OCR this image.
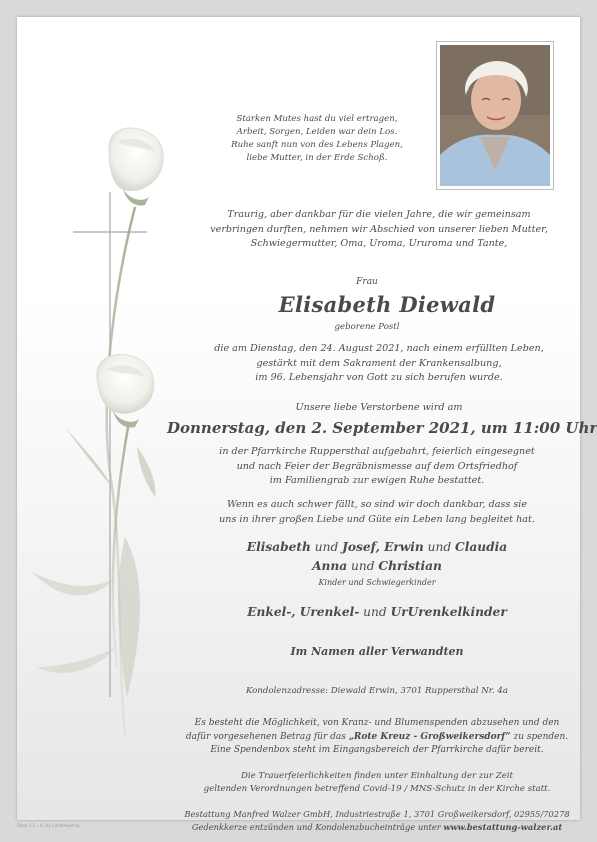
Starken Mutes hast du viel ertragen,
Arbeit, Sorgen, Leiden war dein Los.
Ruhe sanft nun von des Lebens Plagen,
liebe Mutter, in der Erde Schoß.

Traurig, aber dankbar für die vielen Jahre, die wir gemeinsam
verbringen durften, nehmen wir Abschied von unserer lieben Mutter,
Schwiegermutter, Oma, Uroma, Ururoma und Tante,

Frau

Elisabeth Diewald

geborene Postl

die am Dienstag, den 24. August 2021, nach einem erfüllten Leben,
gestärkt mit dem Sakrament der Krankensalbung,
im 96. Lebensjahr von Gott zu sich berufen wurde.

Unsere liebe Verstorbene wird am

Donnerstag, den 2. September 2021, um 11:00 Uhr

in der Pfarrkirche Ruppersthal aufgebahrt, feierlich eingesegnet
und nach Feier der Begräbnismesse auf dem Ortsfriedhof
im Familiengrab zur ewigen Ruhe bestattet.

Wenn es auch schwer fällt, so sind wir doch dankbar, dass sie
uns in ihrer großen Liebe und Güte ein Leben lang begleitet hat.

Elisabeth und Josef, Erwin und Claudia

Anna und Christian

Kinder und Schwiegerkinder

Enkel-, Urenkel- und UrUrenkelkinder

Im Namen aller Verwandten

Kondolenzadresse: Diewald Erwin, 3701 Ruppersthal Nr. 4a

Es besteht die Möglichkeit, von Kranz- und Blumenspenden abzusehen und den
dafür vorgesehenen Betrag für das „Rote Kreuz - Großweikersdorf“ zu spenden.
Eine Spendenbox steht im Eingangsbereich der Pfarrkirche dafür bereit.

Die Trauerfeierlichkeiten finden unter Einhaltung der zur Zeit
geltenden Verordnungen betreffend Covid-19 / MNS-Schutz in der Kirche statt.

Bestattung Manfred Walzer GmbH, Industriestraße 1, 3701 Großweikersdorf, 02955/70278
Gedenkkerze entzünden und Kondolenzbucheinträge unter www.bestattung-walzer.at

Rose 11 - © by LiteItAustria
